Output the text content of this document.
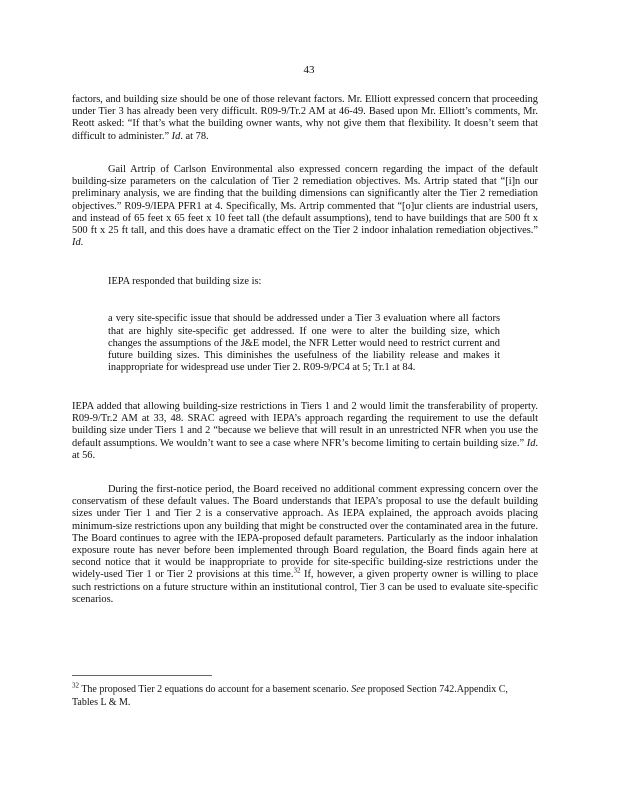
43

factors, and building size should be one of those relevant factors. Mr. Elliott expressed concern that proceeding under Tier 3 has already been very difficult. R09-9/Tr.2 AM at 46-49. Based upon Mr. Elliott’s comments, Mr. Reott asked: “If that’s what the building owner wants, why not give them that flexibility. It doesn’t seem that difficult to administer.” Id. at 78.

Gail Artrip of Carlson Environmental also expressed concern regarding the impact of the default building-size parameters on the calculation of Tier 2 remediation objectives. Ms. Artrip stated that “[i]n our preliminary analysis, we are finding that the building dimensions can significantly alter the Tier 2 remediation objectives.” R09-9/IEPA PFR1 at 4. Specifically, Ms. Artrip commented that “[o]ur clients are industrial users, and instead of 65 feet x 65 feet x 10 feet tall (the default assumptions), tend to have buildings that are 500 ft x 500 ft x 25 ft tall, and this does have a dramatic effect on the Tier 2 indoor inhalation remediation objectives.” Id.

IEPA responded that building size is:

a very site-specific issue that should be addressed under a Tier 3 evaluation where all factors that are highly site-specific get addressed. If one were to alter the building size, which changes the assumptions of the J&E model, the NFR Letter would need to restrict current and future building sizes. This diminishes the usefulness of the liability release and makes it inappropriate for widespread use under Tier 2. R09-9/PC4 at 5; Tr.1 at 84.

IEPA added that allowing building-size restrictions in Tiers 1 and 2 would limit the transferability of property. R09-9/Tr.2 AM at 33, 48. SRAC agreed with IEPA’s approach regarding the requirement to use the default building size under Tiers 1 and 2 “because we believe that will result in an unrestricted NFR when you use the default assumptions. We wouldn’t want to see a case where NFR’s become limiting to certain building size.” Id. at 56.

During the first-notice period, the Board received no additional comment expressing concern over the conservatism of these default values. The Board understands that IEPA’s proposal to use the default building sizes under Tier 1 and Tier 2 is a conservative approach. As IEPA explained, the approach avoids placing minimum-size restrictions upon any building that might be constructed over the contaminated area in the future. The Board continues to agree with the IEPA-proposed default parameters. Particularly as the indoor inhalation exposure route has never before been implemented through Board regulation, the Board finds again here at second notice that it would be inappropriate to provide for site-specific building-size restrictions under the widely-used Tier 1 or Tier 2 provisions at this time.$^{32}$ If, however, a given property owner is willing to place such restrictions on a future structure within an institutional control, Tier 3 can be used to evaluate site-specific scenarios.

$^{32}$ The proposed Tier 2 equations do account for a basement scenario. See proposed Section 742.Appendix C, Tables L & M.
